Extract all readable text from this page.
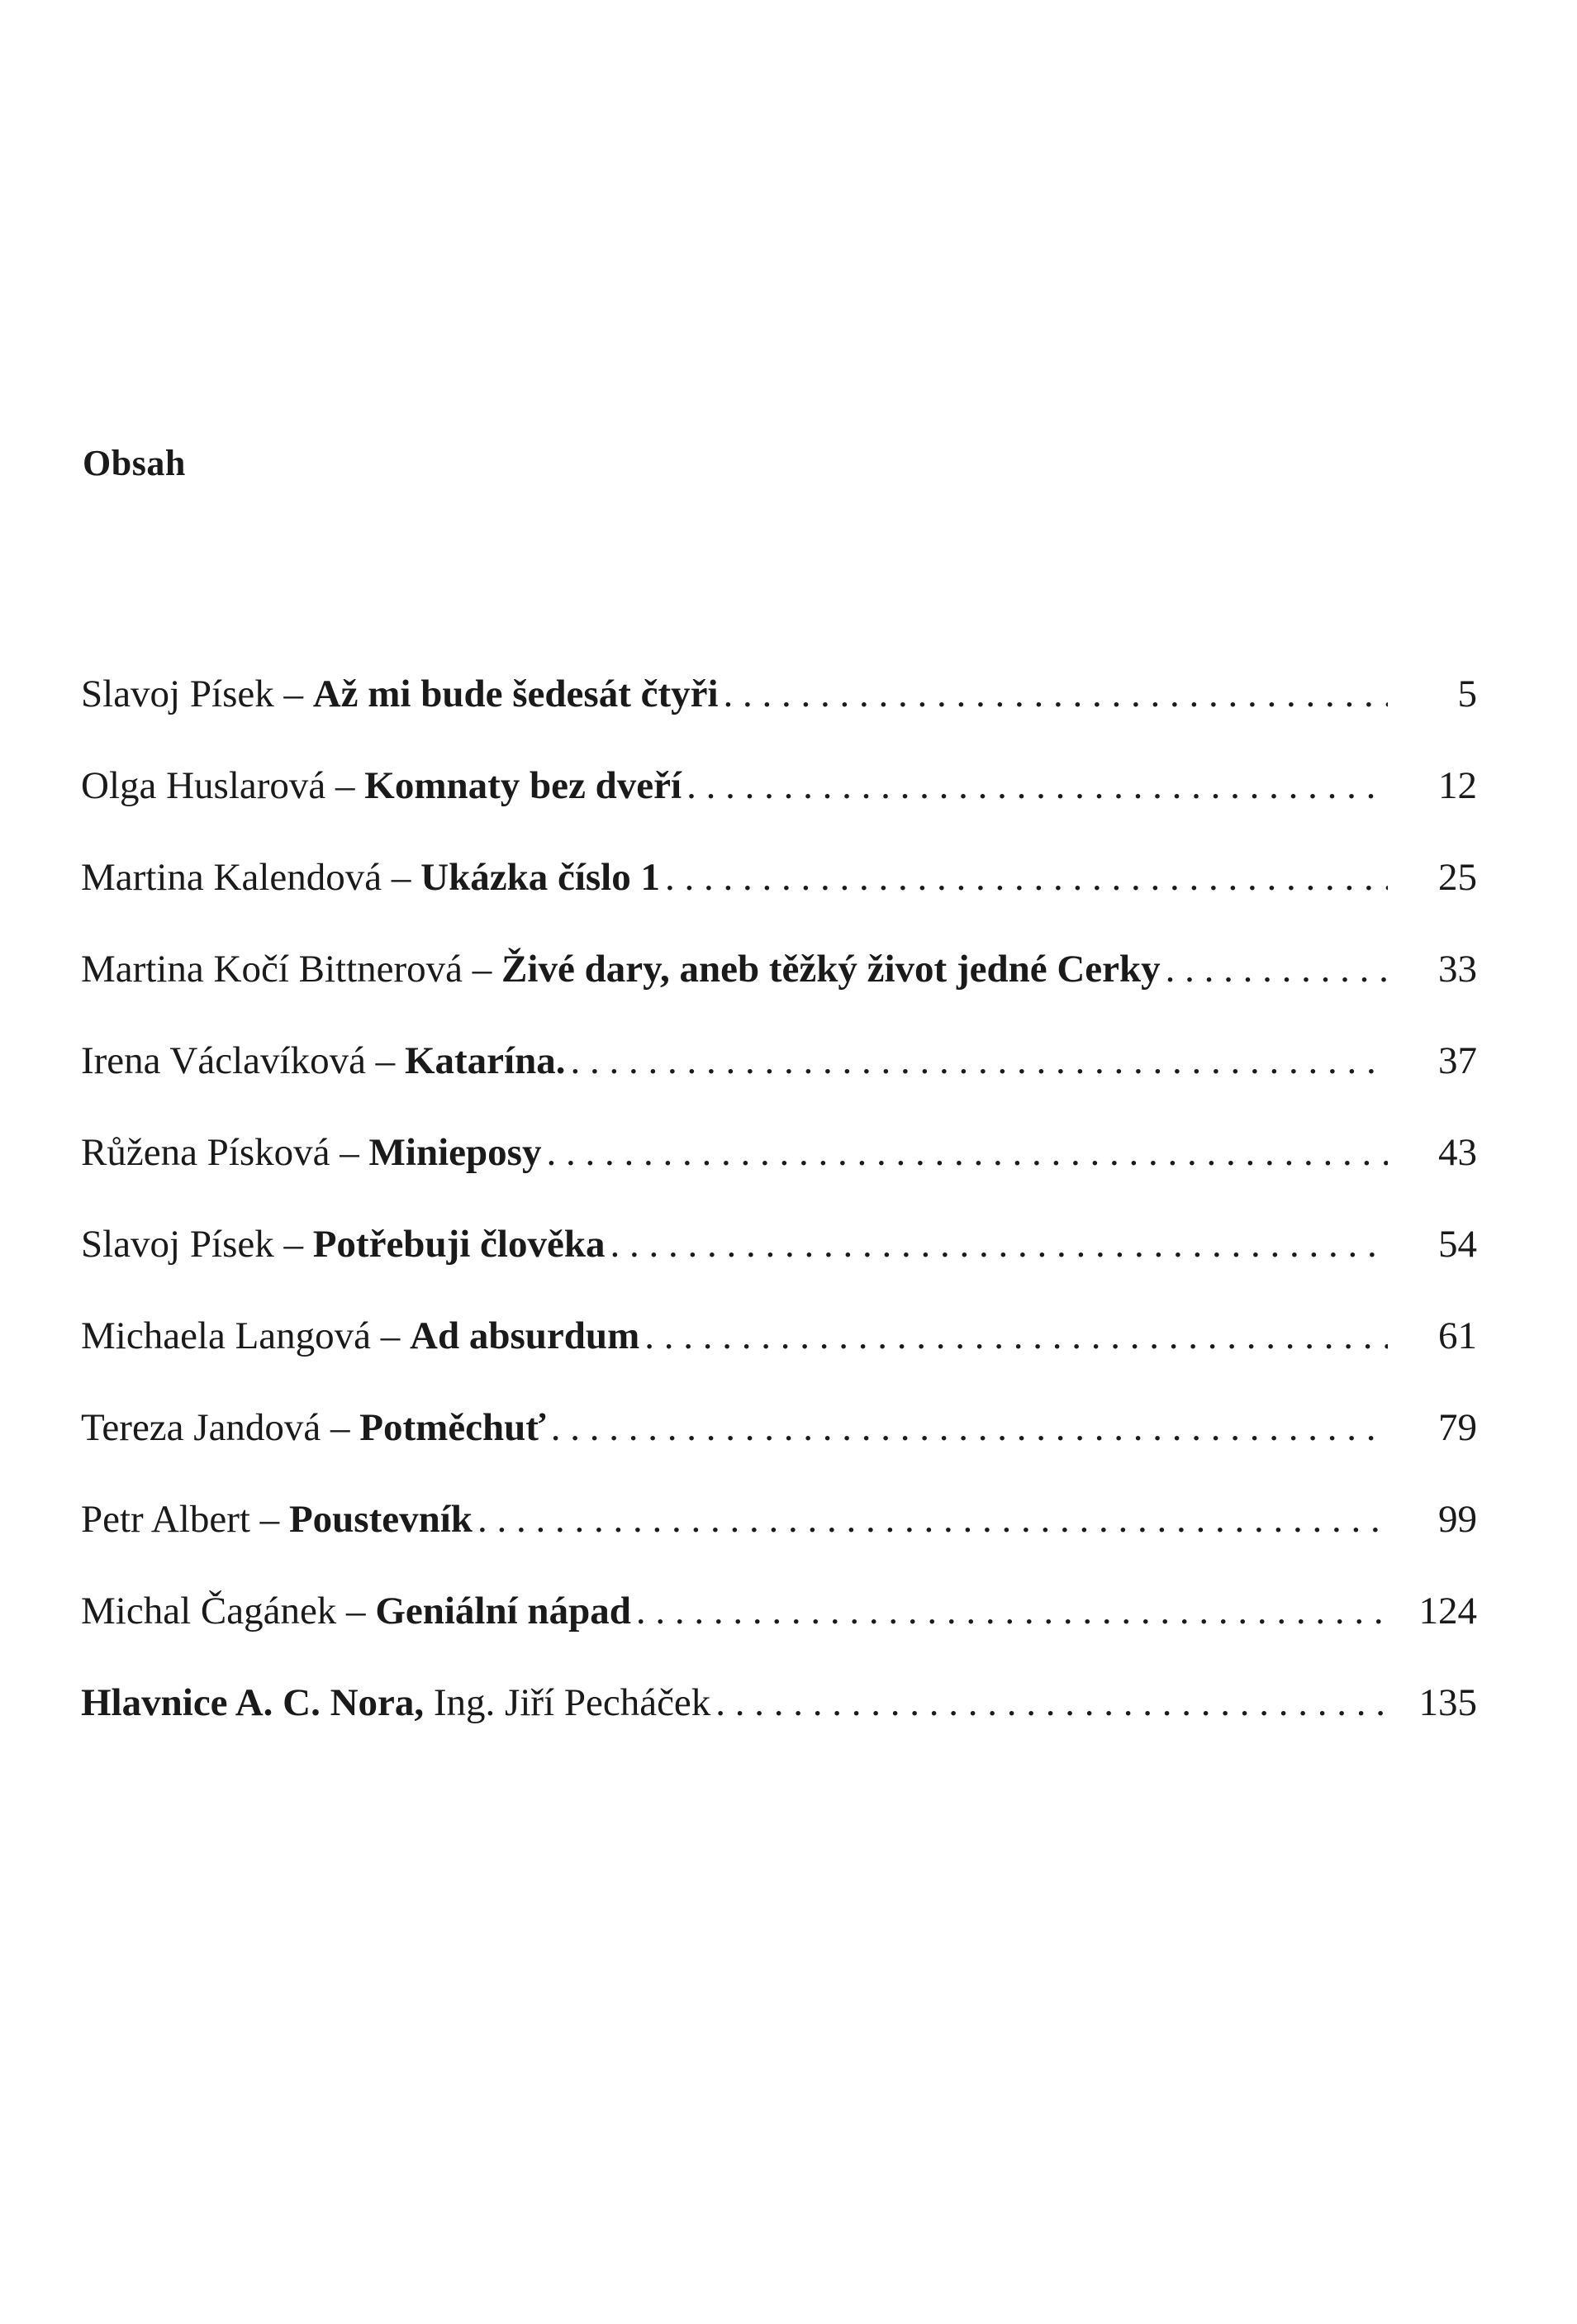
Obsah
Slavoj Písek – Až mi bude šedesát čtyři . . .	5
Olga Huslarová – Komnaty bez dveří . . .	12
Martina Kalendová – Ukázka číslo 1 . . .	25
Martina Kočí Bittnerová – Živé dary, aneb těžký život jedné Cerky . . .	33
Irena Václavíková – Katarína. . . .	37
Růžena Písková – Minieposy . . .	43
Slavoj Písek – Potřebuji člověka . . .	54
Michaela Langová – Ad absurdum . . .	61
Tereza Jandová – Potměchuť . . .	79
Petr Albert – Poustevník . . .	99
Michal Čagánek – Geniální nápad . . .	124
Hlavnice A. C. Nora, Ing. Jiří Pecháček . . .	135
